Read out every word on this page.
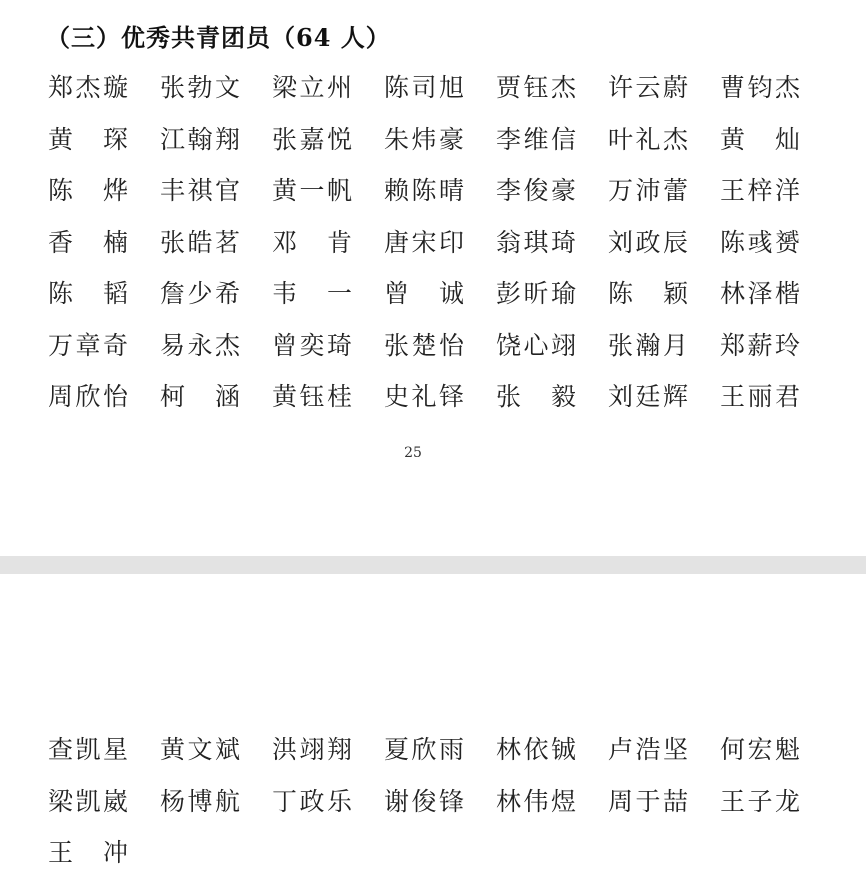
（三）优秀共青团员（64 人）
郑 杰 璇 张 勃 文 梁 立 州 陈 司 旭 贾 钰 杰 许 云 蔚 曹 钧 杰
黄 琛 江 翰 翔 张 嘉 悦 朱 炜 豪 李 维 信 叶 礼 杰 黄 灿
陈 烨 丰 祺 官 黄 一 帆 赖 陈 晴 李 俊 豪 万 沛 蕾 王 梓 洋
香 楠 张 皓 茗 邓 肯 唐 宋 印 翁 琪 琦 刘 政 辰 陈 彧 赟
陈 韬 詹 少 希 韦 一 曾 诚 彭 昕 瑜 陈 颖 林 泽 楷
万 章 奇 易 永 杰 曾 奕 琦 张 楚 怡 饶 心 翊 张 瀚 月 郑 薪 玲
周 欣 怡 柯 涵 黄 钰 桂 史 礼 铎 张 毅 刘 廷 辉 王 丽 君
25
查 凯 星 黄 文 斌 洪 翊 翔 夏 欣 雨 林 依 铖 卢 浩 坚 何 宏 魁
梁 凯 崴 杨 博 航 丁 政 乐 谢 俊 锋 林 伟 煜 周 于 喆 王 子 龙
王 冲
